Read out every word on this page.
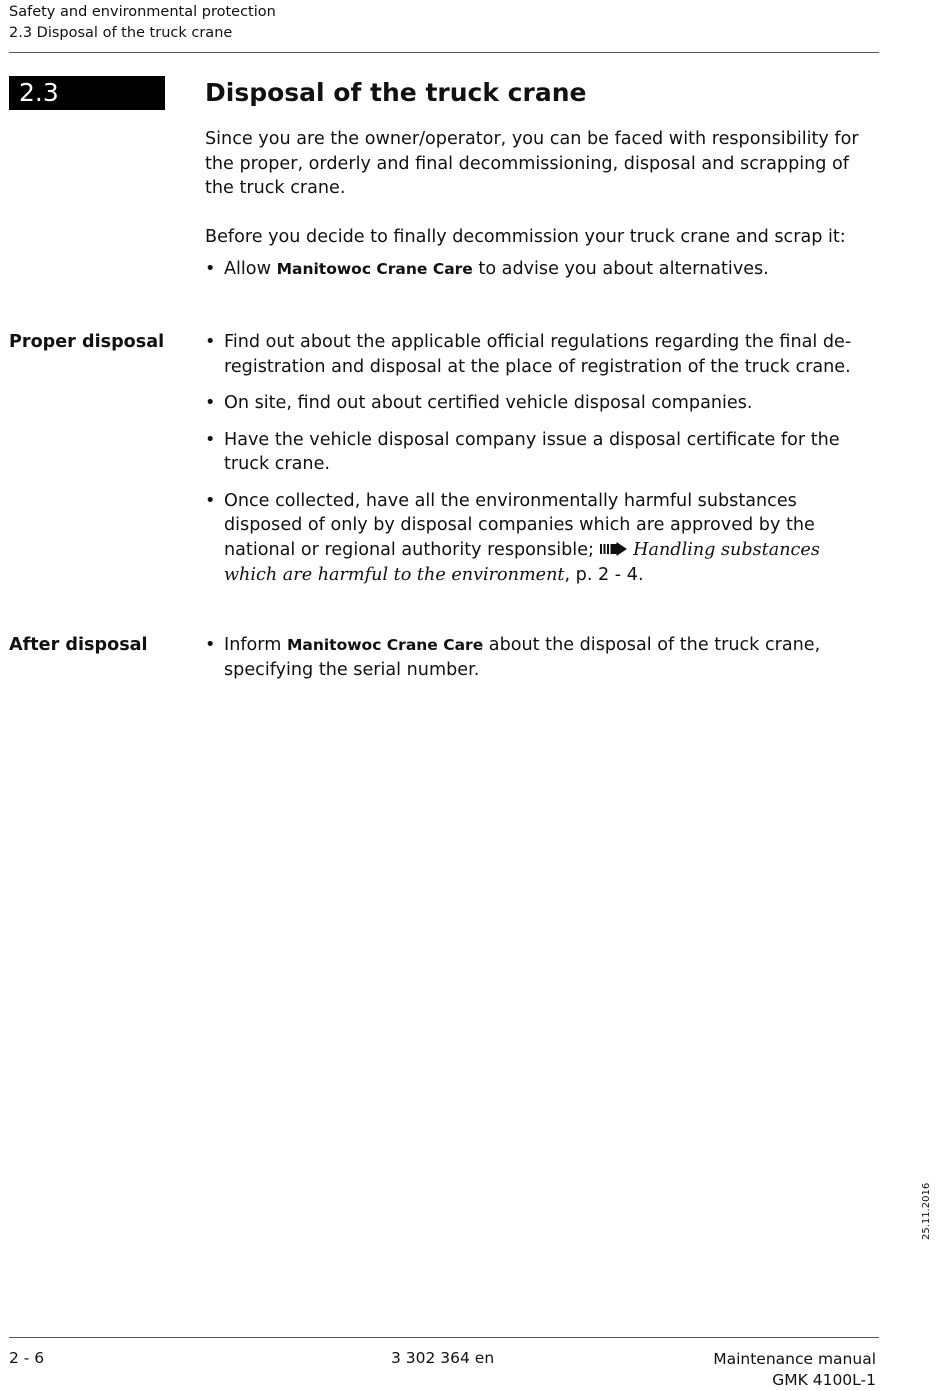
Safety and environmental protection
2.3 Disposal of the truck crane
2.3	Disposal of the truck crane

Since you are the owner/operator, you can be faced with responsibility for the proper, orderly and final decommissioning, disposal and scrapping of the truck crane.

Before you decide to finally decommission your truck crane and scrap it:

• Allow Manitowoc Crane Care to advise you about alternatives.
Proper disposal • Find out about the applicable official regulations regarding the final de-registration and disposal at the place of registration of the truck crane.
• On site, find out about certified vehicle disposal companies.
• Have the vehicle disposal company issue a disposal certificate for the truck crane.
• Once collected, have all the environmentally harmful substances disposed of only by disposal companies which are approved by the national or regional authority responsible; Handling substances which are harmful to the environment, p. 2 - 4.
After disposal	• Inform Manitowoc Crane Care about the disposal of the truck crane, specifying the serial number.
25.11.2016
2 - 6	3 302 364 en	Maintenance manual
GMK 4100L-1
